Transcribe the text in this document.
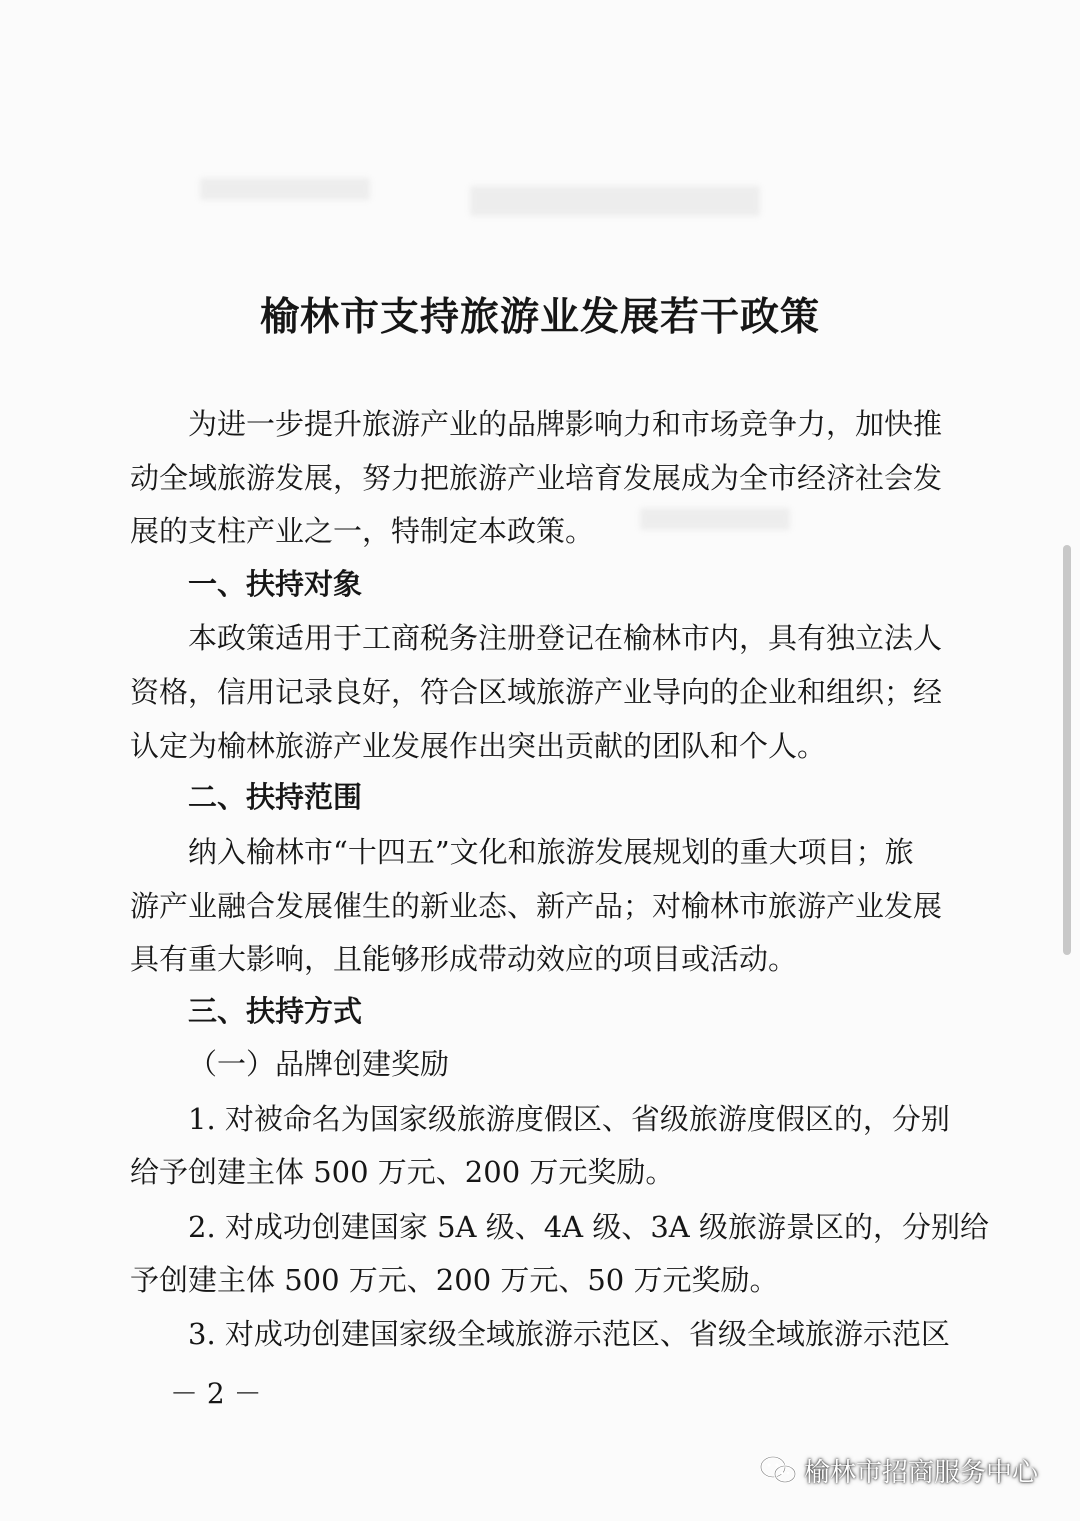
榆林市支持旅游业发展若干政策
为进一步提升旅游产业的品牌影响力和市场竞争力，加快推
动全域旅游发展，努力把旅游产业培育发展成为全市经济社会发
展的支柱产业之一，特制定本政策。
一、扶持对象
本政策适用于工商税务注册登记在榆林市内，具有独立法人
资格，信用记录良好，符合区域旅游产业导向的企业和组织；经
认定为榆林旅游产业发展作出突出贡献的团队和个人。
二、扶持范围
纳入榆林市“十四五”文化和旅游发展规划的重大项目；旅
游产业融合发展催生的新业态、新产品；对榆林市旅游产业发展
具有重大影响，且能够形成带动效应的项目或活动。
三、扶持方式
（一）品牌创建奖励
1. 对被命名为国家级旅游度假区、省级旅游度假区的，分别
给予创建主体 500 万元、200 万元奖励。
2. 对成功创建国家 5A 级、4A 级、3A 级旅游景区的，分别给
予创建主体 500 万元、200 万元、50 万元奖励。
3. 对成功创建国家级全域旅游示范区、省级全域旅游示范区
－ 2 －
榆林市招商服务中心
